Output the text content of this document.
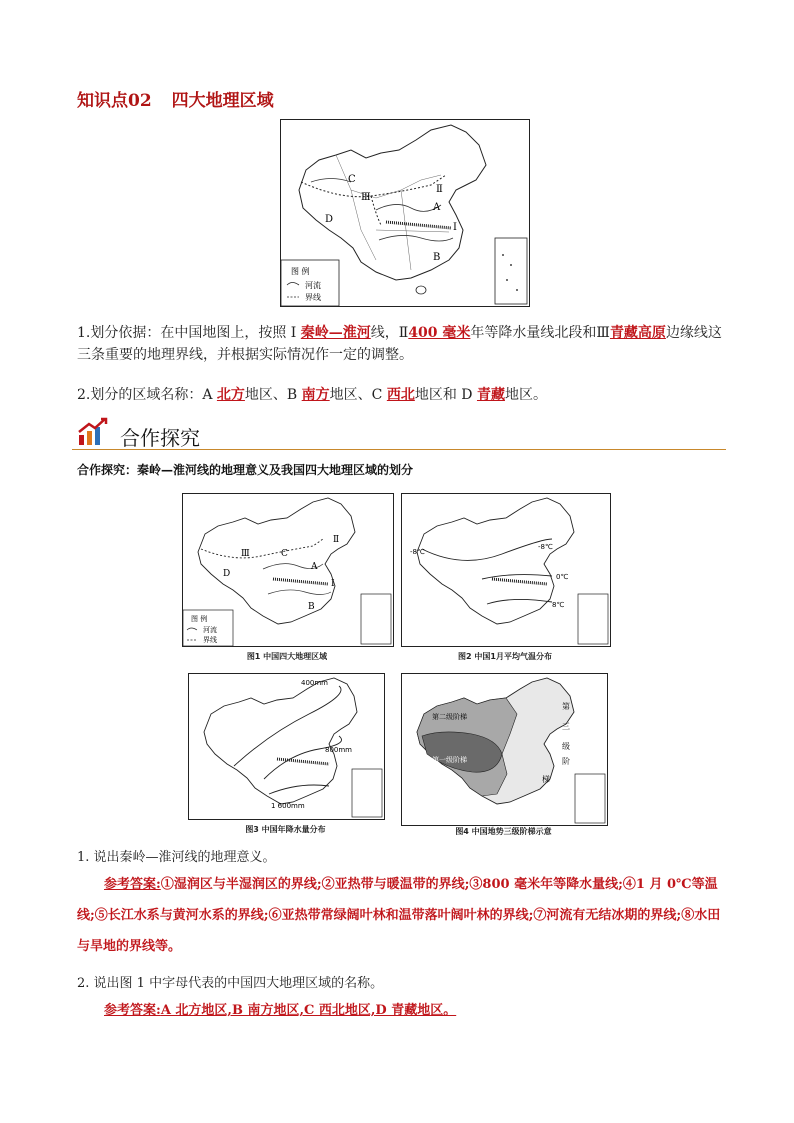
知识点02 四大地理区域
图 例
河流
界线
C
Ⅲ
D
Ⅱ
A
I
B
1.划分依据：在中国地图上，按照 I 秦岭—淮河线，Ⅱ400 毫米年等降水量线北段和Ⅲ青藏高原边缘线这
三条重要的地理界线，并根据实际情况作一定的调整。
2.划分的区域名称：A 北方地区、B 南方地区、C 西北地区和 D 青藏地区。
合作探究
合作探究：秦岭—淮河线的地理意义及我国四大地理区域的划分
图 例
河流
界线
Ⅲ	C
Ⅱ
D
A
I
B
图1 中国四大地理区域
-8℃
-8℃
0℃
8℃
图2 中国1月平均气温分布
400mm
800mm
1 600mm
图3 中国年降水量分布
第二级阶梯
第一级阶梯
第
三
级
阶
梯
图4 中国地势三级阶梯示意
1. 说出秦岭—淮河线的地理意义。
参考答案:①湿润区与半湿润区的界线;②亚热带与暖温带的界线;③800 毫米年等降水量线;④1 月 0℃等温线;⑤长江水系与黄河水系的界线;⑥亚热带常绿阔叶林和温带落叶阔叶林的界线;⑦河流有无结冰期的界线;⑧水田与旱地的界线等。
2. 说出图 1 中字母代表的中国四大地理区域的名称。
参考答案:A 北方地区,B 南方地区,C 西北地区,D 青藏地区。
